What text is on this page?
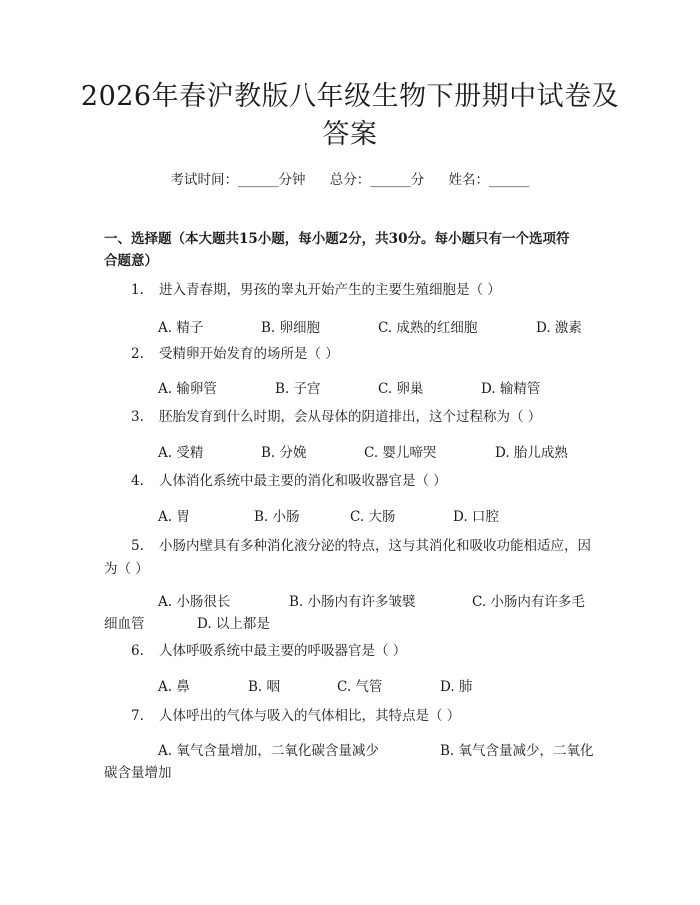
2026年春沪教版八年级生物下册期中试卷及
答案
考试时间：______分钟 总分：______分 姓名：______
一、选择题（本大题共15小题，每小题2分，共30分。每小题只有一个选项符
合题意）
1. 进入青春期，男孩的睾丸开始产生的主要生殖细胞是（ ）
A. 精子	B. 卵细胞	C. 成熟的红细胞	D. 激素
2. 受精卵开始发育的场所是（ ）
A. 输卵管	B. 子宫	C. 卵巢	D. 输精管
3. 胚胎发育到什么时期，会从母体的阴道排出，这个过程称为（ ）
A. 受精	B. 分娩	C. 婴儿啼哭	D. 胎儿成熟
4. 人体消化系统中最主要的消化和吸收器官是（ ）
A. 胃	B. 小肠	C. 大肠	D. 口腔
5. 小肠内壁具有多种消化液分泌的特点，这与其消化和吸收功能相适应，因
为（ ）
A. 小肠很长	B. 小肠内有许多皱襞	C. 小肠内有许多毛
细血管	D. 以上都是
6. 人体呼吸系统中最主要的呼吸器官是（ ）
A. 鼻	B. 咽	C. 气管	D. 肺
7. 人体呼出的气体与吸入的气体相比，其特点是（ ）
A. 氧气含量增加，二氧化碳含量减少	B. 氧气含量减少，二氧化
碳含量增加
